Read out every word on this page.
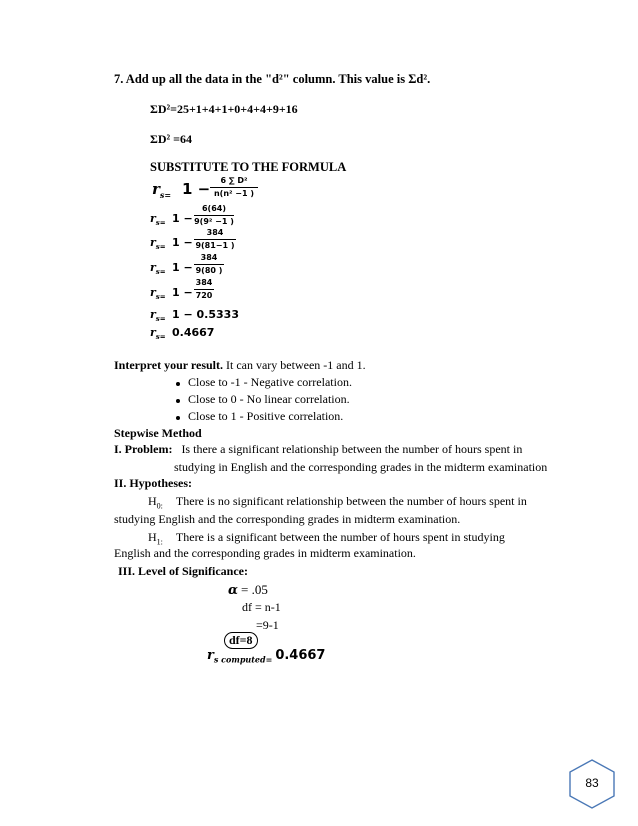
7. Add up all the data in the "d²" column. This value is Σd².
ΣD²=25+1+4+1+0+4+4+9+16
ΣD² =64
SUBSTITUTE TO THE FORMULA
$r_{s=}$ 1 −	6 ∑ D²
n(n² −1 )
$r_{s=}$ 1 −
6(64)
9(9² −1 )
$r_{s=}$ 1 −
384
9(81−1 )
$r_{s=}$ 1 −
384
9(80 )
$r_{s=}$ 1 −
384
720
$r_{s=}$ 1 − 0.5333
$r_{s=}$ 0.4667
Interpret your result. It can vary between -1 and 1.
Close to -1 - Negative correlation.
Close to 0 - No linear correlation.
Close to 1 - Positive correlation.
Stepwise Method
I. Problem: Is there a significant relationship between the number of hours spent in
studying in English and the corresponding grades in the midterm examination
II. Hypotheses:
$H_{0:}$ There is no significant relationship between the number of hours spent in
studying English and the corresponding grades in midterm examination.
$H_{1:}$ There is a significant between the number of hours spent in studying
English and the corresponding grades in midterm examination.
III. Level of Significance:
α = .05
df = n-1
=9-1
df=8
$r_{s computed=}$ 0.4667
83
